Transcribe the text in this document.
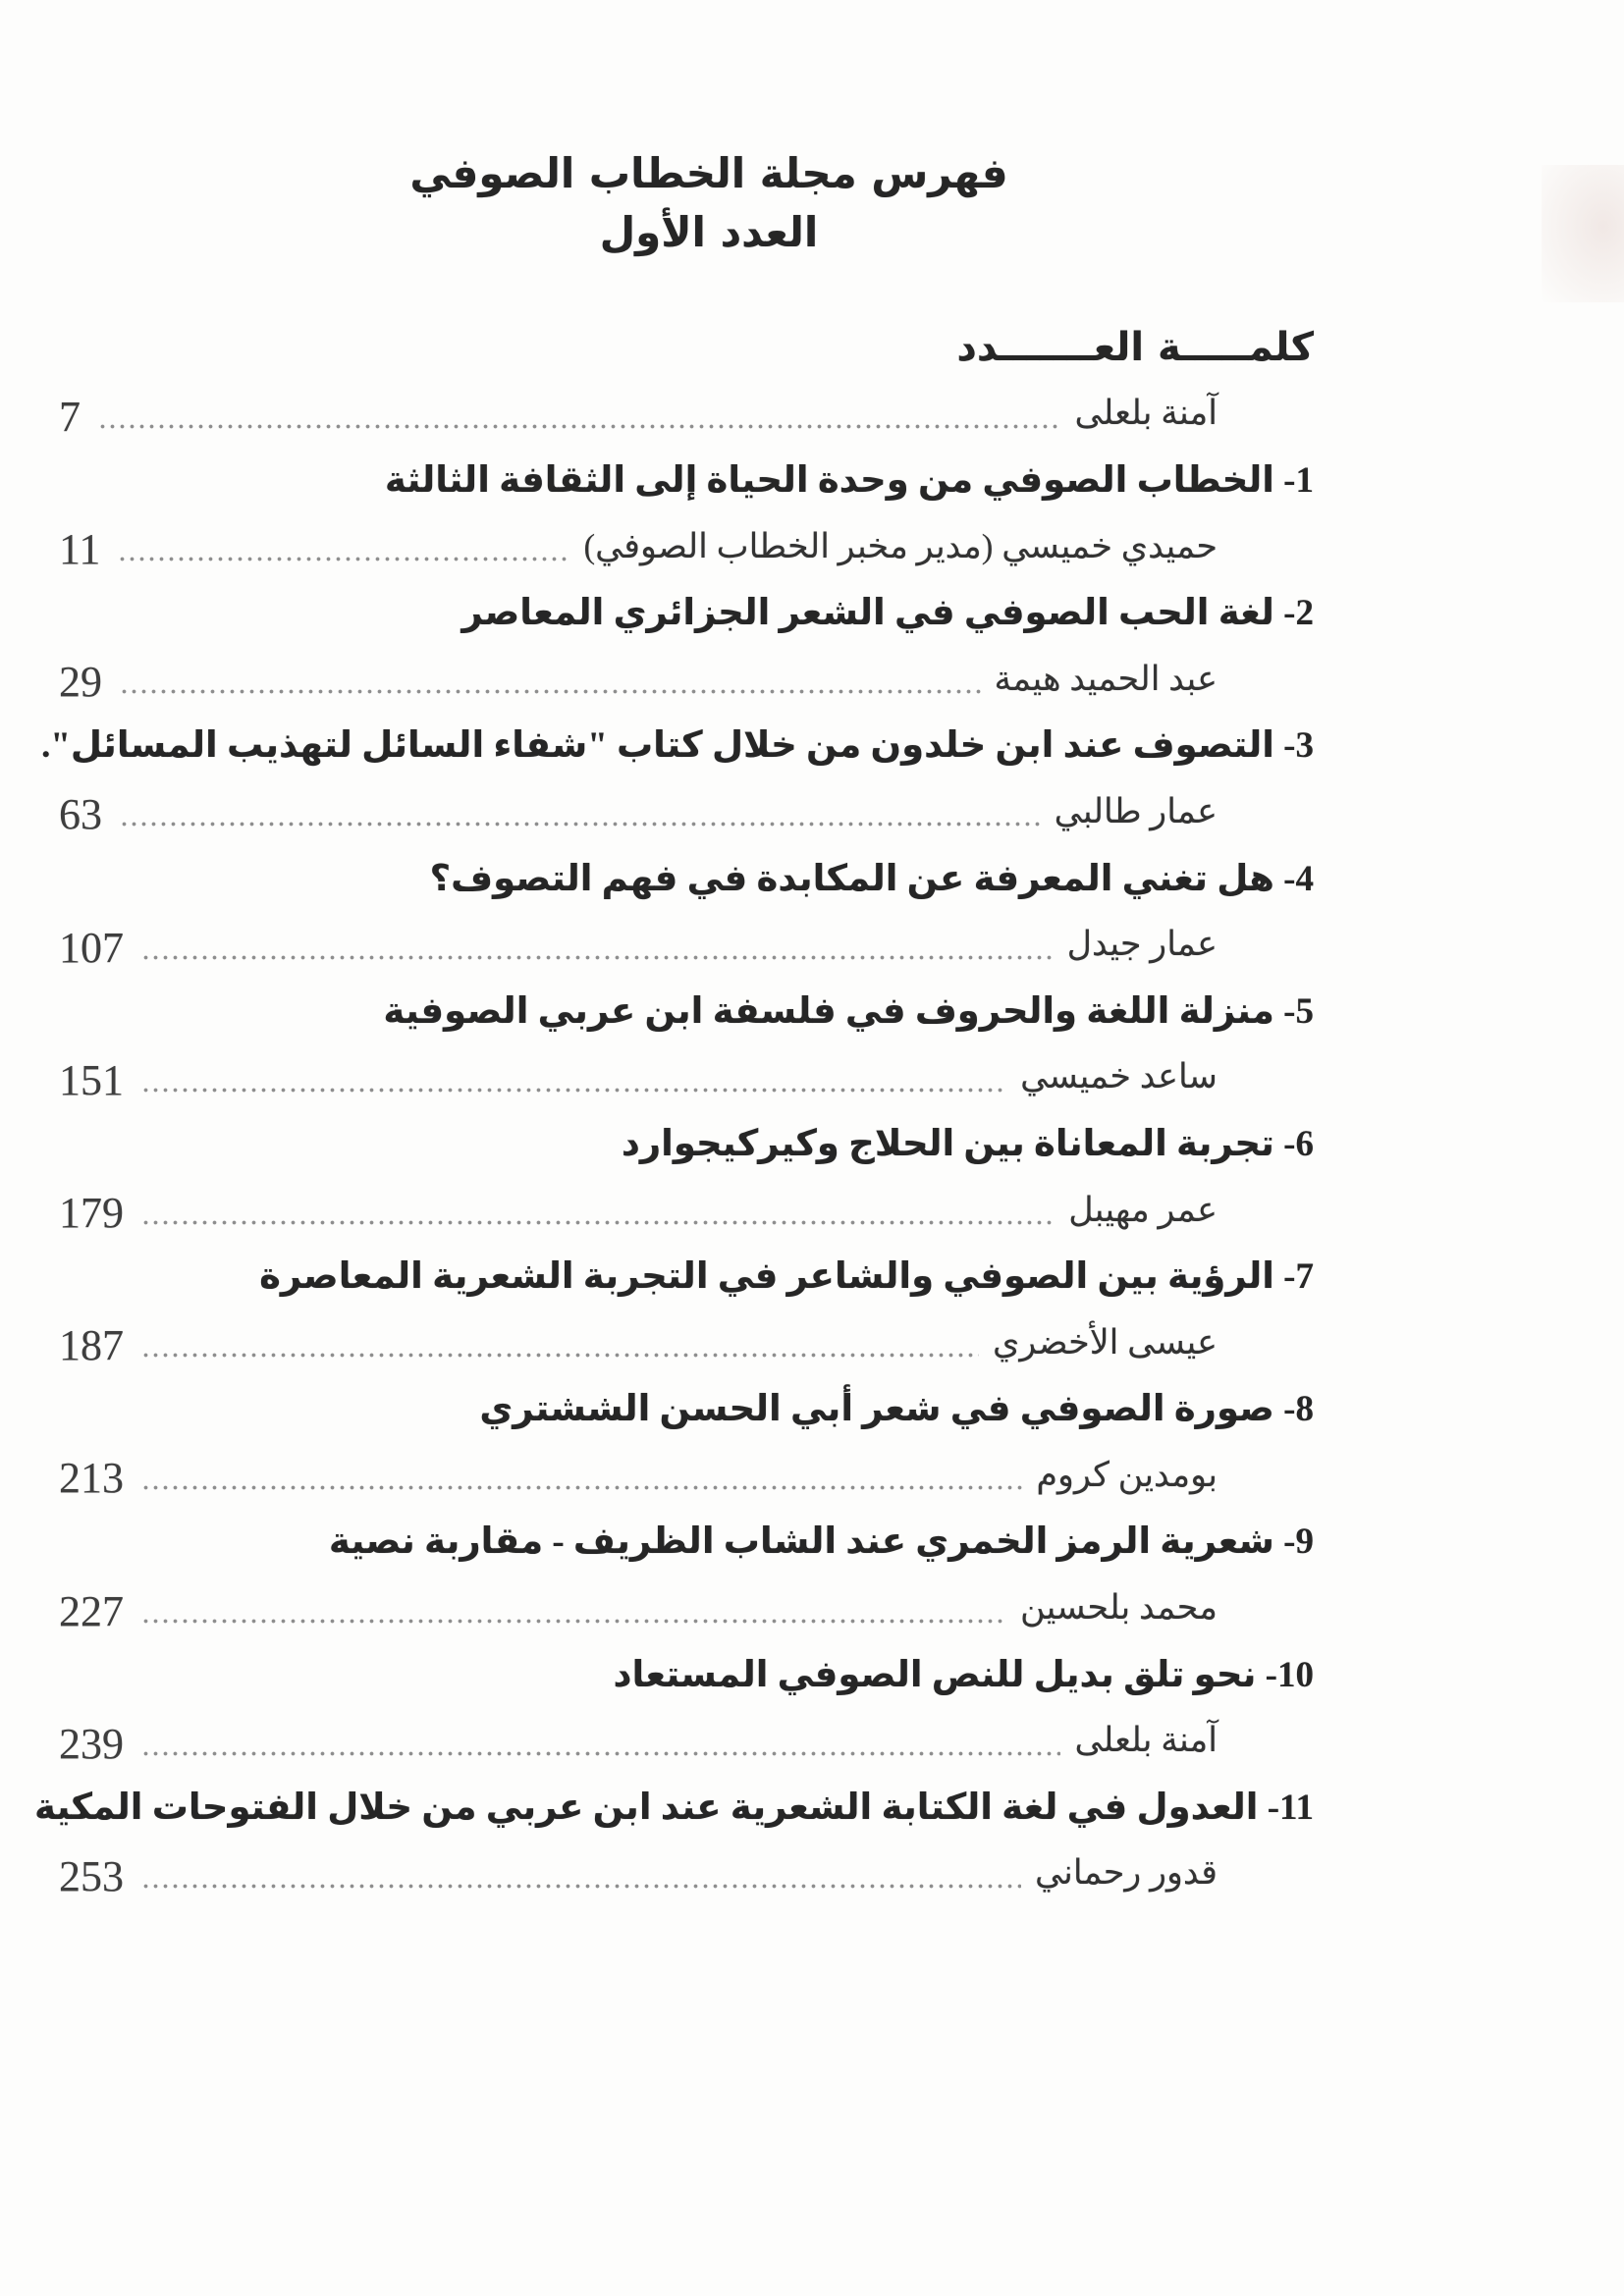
فهرس مجلة الخطاب الصوفي
العدد الأول
كلمـــــة العـــــــدد
آمنة بلعلى
7
1- الخطاب الصوفي من وحدة الحياة إلى الثقافة الثالثة
حميدي خميسي (مدير مخبر الخطاب الصوفي)
11
2- لغة الحب الصوفي في الشعر الجزائري المعاصر
عبد الحميد هيمة
29
3- التصوف عند ابن خلدون من خلال كتاب "شفاء السائل لتهذيب المسائل".
عمار طالبي
63
4- هل تغني المعرفة عن المكابدة في فهم التصوف؟
عمار جيدل
107
5- منزلة اللغة والحروف في فلسفة ابن عربي الصوفية
ساعد خميسي
151
6- تجربة المعاناة بين الحلاج وكيركيجوارد
عمر مهيبل
179
7- الرؤية بين الصوفي والشاعر في التجربة الشعرية المعاصرة
عيسى الأخضري
187
8- صورة الصوفي في شعر أبي الحسن الششتري
بومدين كروم
213
9- شعرية الرمز الخمري عند الشاب الظريف - مقاربة نصية
محمد بلحسين
227
10- نحو تلق بديل للنص الصوفي المستعاد
آمنة بلعلى
239
11- العدول في لغة الكتابة الشعرية عند ابن عربي من خلال الفتوحات المكية
قدور رحماني
253
